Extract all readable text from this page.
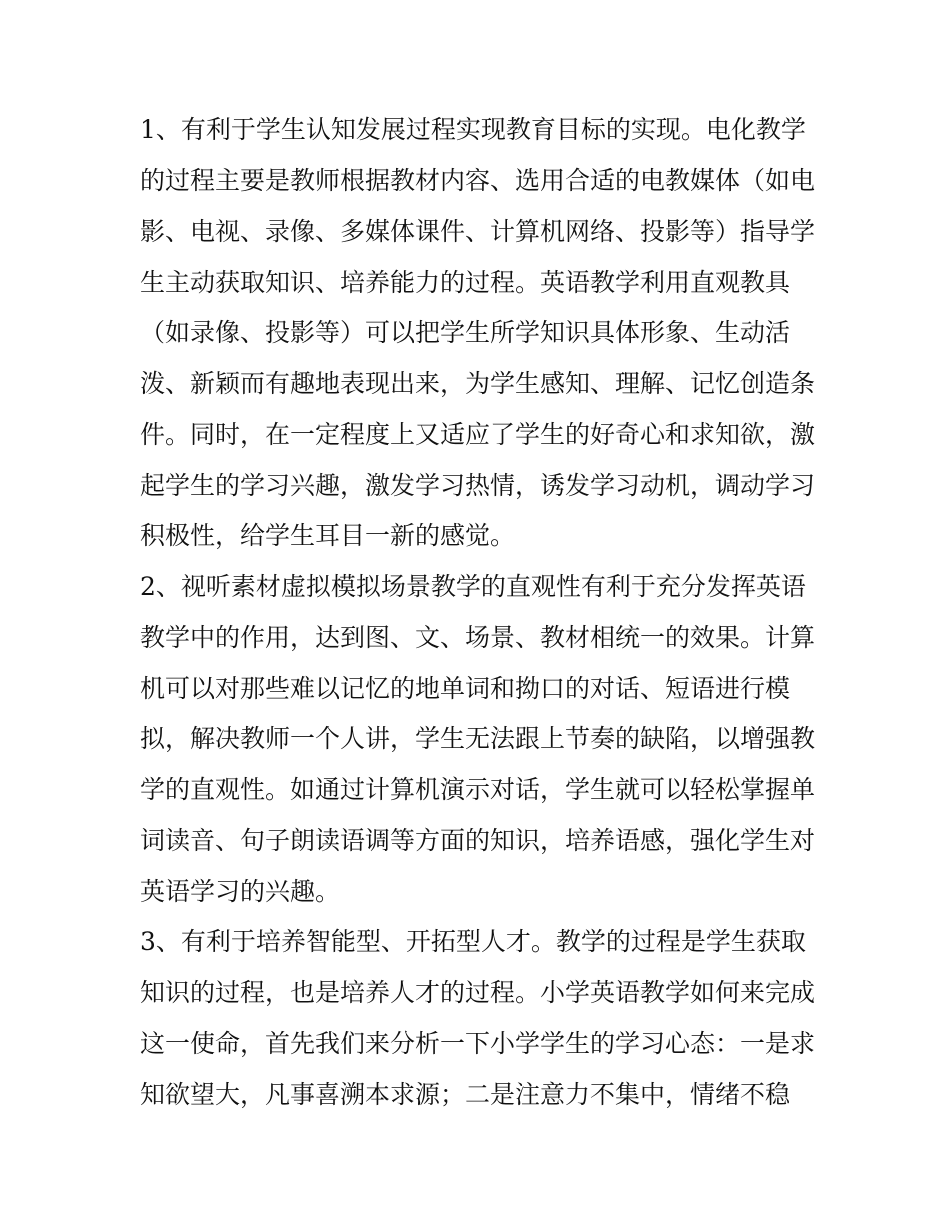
1、有利于学生认知发展过程实现教育目标的实现。电化教学
的过程主要是教师根据教材内容、选用合适的电教媒体（如电
影、电视、录像、多媒体课件、计算机网络、投影等）指导学
生主动获取知识、培养能力的过程。英语教学利用直观教具
（如录像、投影等）可以把学生所学知识具体形象、生动活
泼、新颖而有趣地表现出来，为学生感知、理解、记忆创造条
件。同时，在一定程度上又适应了学生的好奇心和求知欲，激
起学生的学习兴趣，激发学习热情，诱发学习动机，调动学习
积极性，给学生耳目一新的感觉。
2、视听素材虚拟模拟场景教学的直观性有利于充分发挥英语
教学中的作用，达到图、文、场景、教材相统一的效果。计算
机可以对那些难以记忆的地单词和拗口的对话、短语进行模
拟，解决教师一个人讲，学生无法跟上节奏的缺陷，以增强教
学的直观性。如通过计算机演示对话，学生就可以轻松掌握单
词读音、句子朗读语调等方面的知识，培养语感，强化学生对
英语学习的兴趣。
3、有利于培养智能型、开拓型人才。教学的过程是学生获取
知识的过程，也是培养人才的过程。小学英语教学如何来完成
这一使命，首先我们来分析一下小学学生的学习心态：一是求
知欲望大，凡事喜溯本求源；二是注意力不集中，情绪不稳
